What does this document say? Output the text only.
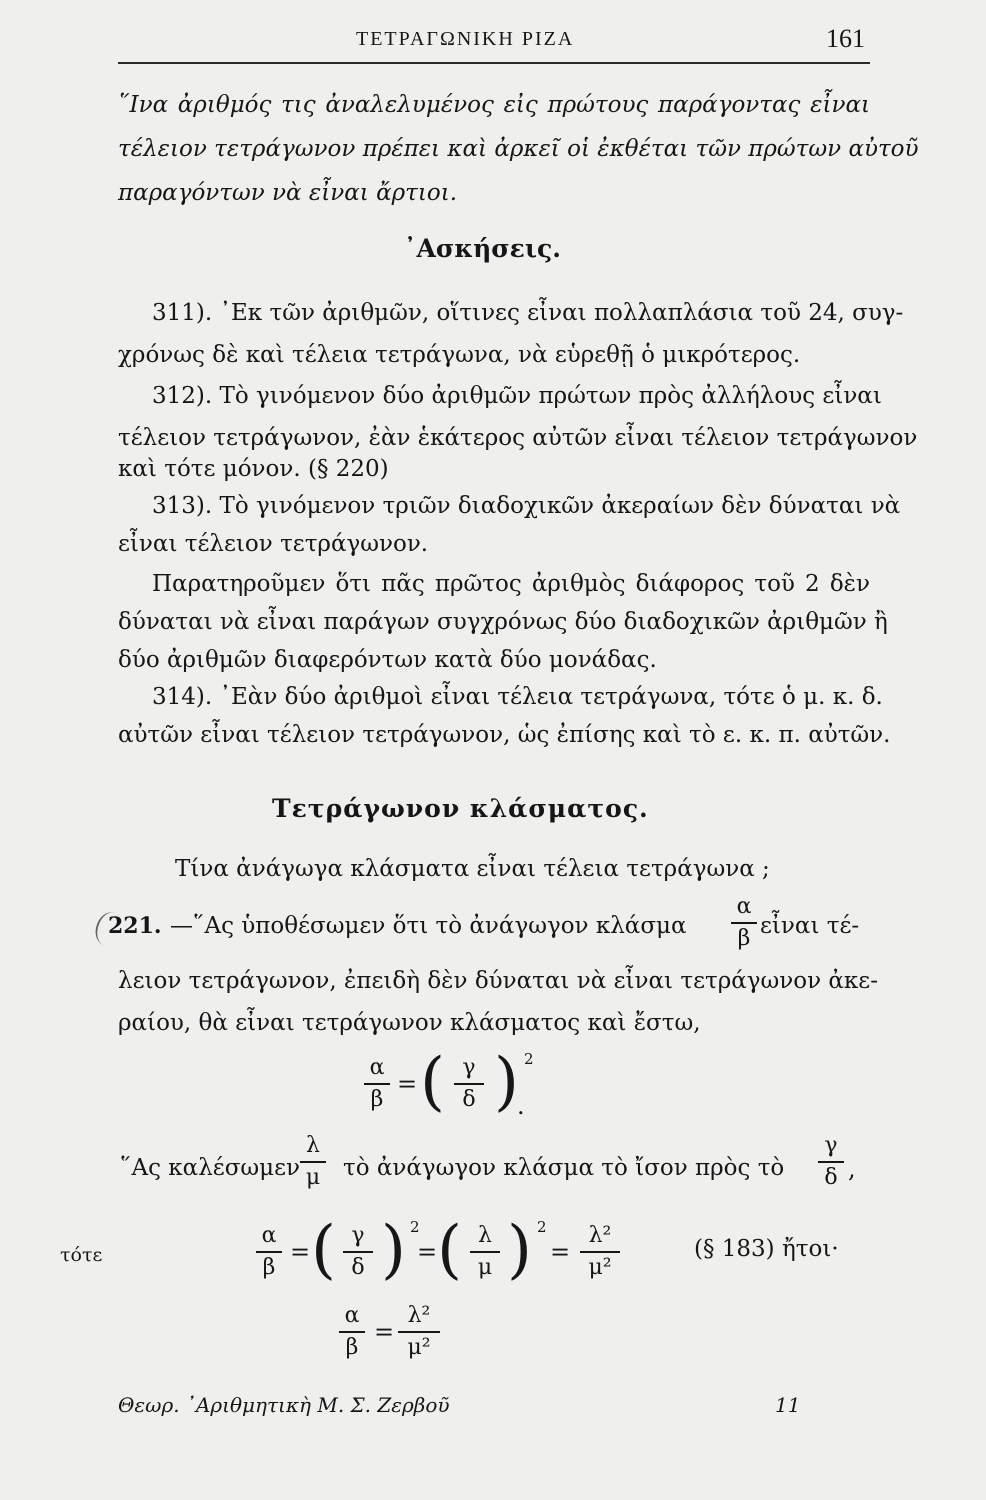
ΤΕΤΡΑΓΩΝΙΚΗ ΡΙΖΑ	161
῞Ινα ἀριθμός τις ἀναλελυμένος εἰς πρώτους παράγοντας εἶναι
τέλειον τετράγωνον πρέπει καὶ ἀρκεῖ οἱ ἐκθέται τῶν πρώτων αὐτοῦ
παραγόντων νὰ εἶναι ἄρτιοι.
᾿Ασκήσεις.
311). ᾿Εκ τῶν ἀριθμῶν, οἵτινες εἶναι πολλαπλάσια τοῦ 24, συγ-
χρόνως δὲ καὶ τέλεια τετράγωνα, νὰ εὑρεθῇ ὁ μικρότερος.
312). Τὸ γινόμενον δύο ἀριθμῶν πρώτων πρὸς ἀλλήλους εἶναι
τέλειον τετράγωνον, ἐὰν ἑκάτερος αὐτῶν εἶναι τέλειον τετράγωνον
καὶ τότε μόνον. (§ 220)
313). Τὸ γινόμενον τριῶν διαδοχικῶν ἀκεραίων δὲν δύναται νὰ
εἶναι τέλειον τετράγωνον.
Παρατηροῦμεν ὅτι πᾶς πρῶτος ἀριθμὸς διάφορος τοῦ 2 δὲν
δύναται νὰ εἶναι παράγων συγχρόνως δύο διαδοχικῶν ἀριθμῶν ἢ
δύο ἀριθμῶν διαφερόντων κατὰ δύο μονάδας.
314). ᾿Εὰν δύο ἀριθμοὶ εἶναι τέλεια τετράγωνα, τότε ὁ μ. κ. δ.
αὐτῶν εἶναι τέλειον τετράγωνον, ὡς ἐπίσης καὶ τὸ ε. κ. π. αὐτῶν.
Τετράγωνον κλάσματος.
Τίνα ἀνάγωγα κλάσματα εἶναι τέλεια τετράγωνα ;
221. —῞Ας ὑποθέσωμεν ὅτι τὸ ἀνάγωγον κλάσμα
α
β εἶναι τέ-
λειον τετράγωνον, ἐπειδὴ δὲν δύναται νὰ εἶναι τετράγωνον ἀκε-
ραίου, θὰ εἶναι τετράγωνον κλάσματος καὶ ἔστω,
α
β
= ( γ
δ ) 2
.
῞Ας καλέσωμεν
λ
μ τὸ ἀνάγωγον κλάσμα τὸ ἴσον πρὸς τὸ
γ
δ ,
τότε
α
β
= ( γ
δ ) 2
= ( λ
μ ) 2
=
λ²
μ²
(§ 183) ἤτοι·
α
β
=
λ²
μ²
Θεωρ. ᾿Αριθμητικὴ Μ. Σ. Ζερβοῦ	11
